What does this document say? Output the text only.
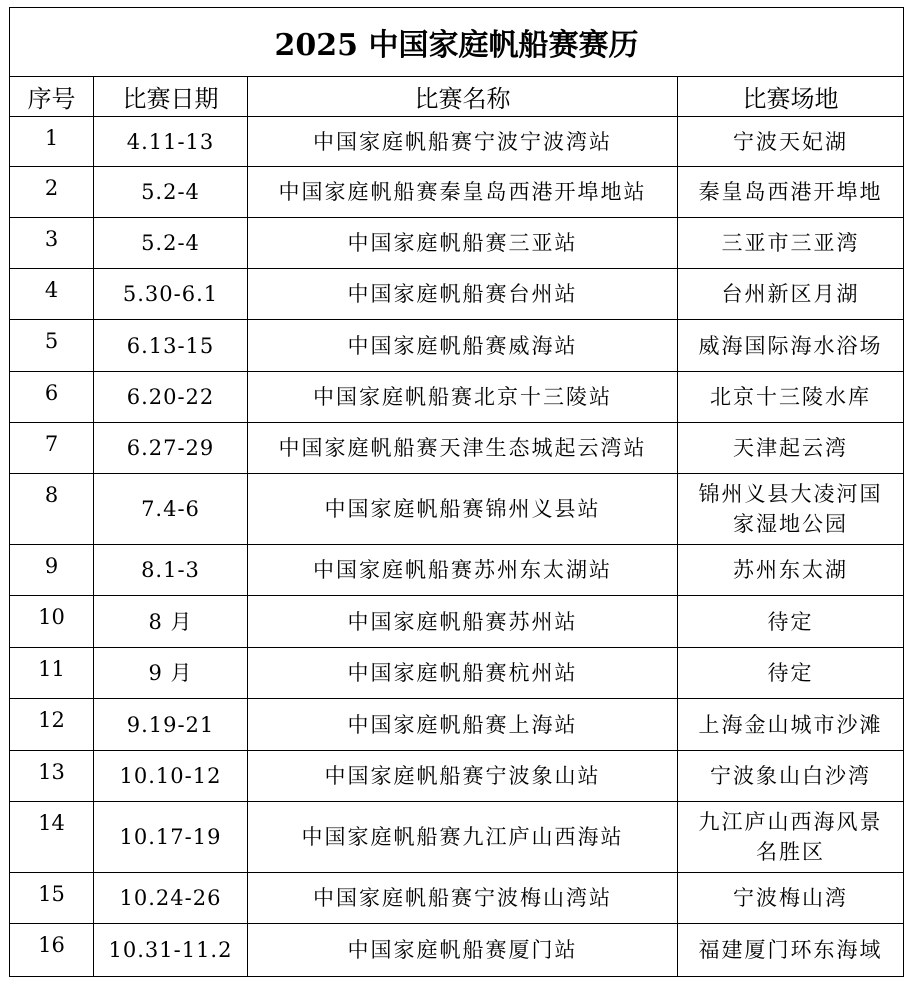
2025 中国家庭帆船赛赛历			
序号	比赛日期	比赛名称	比赛场地
1	4.11-13	中国家庭帆船赛宁波宁波湾站	宁波天妃湖
2	5.2-4	中国家庭帆船赛秦皇岛西港开埠地站	秦皇岛西港开埠地
3	5.2-4	中国家庭帆船赛三亚站	三亚市三亚湾
4	5.30-6.1	中国家庭帆船赛台州站	台州新区月湖
5	6.13-15	中国家庭帆船赛威海站	威海国际海水浴场
6	6.20-22	中国家庭帆船赛北京十三陵站	北京十三陵水库
7	6.27-29	中国家庭帆船赛天津生态城起云湾站	天津起云湾
8	7.4-6	中国家庭帆船赛锦州义县站	锦州义县大凌河国家湿地公园
9	8.1-3	中国家庭帆船赛苏州东太湖站	苏州东太湖
10	8 月	中国家庭帆船赛苏州站	待定
11	9 月	中国家庭帆船赛杭州站	待定
12	9.19-21	中国家庭帆船赛上海站	上海金山城市沙滩
13	10.10-12	中国家庭帆船赛宁波象山站	宁波象山白沙湾
14	10.17-19	中国家庭帆船赛九江庐山西海站	九江庐山西海风景名胜区
15	10.24-26	中国家庭帆船赛宁波梅山湾站	宁波梅山湾
16	10.31-11.2	中国家庭帆船赛厦门站	福建厦门环东海域
